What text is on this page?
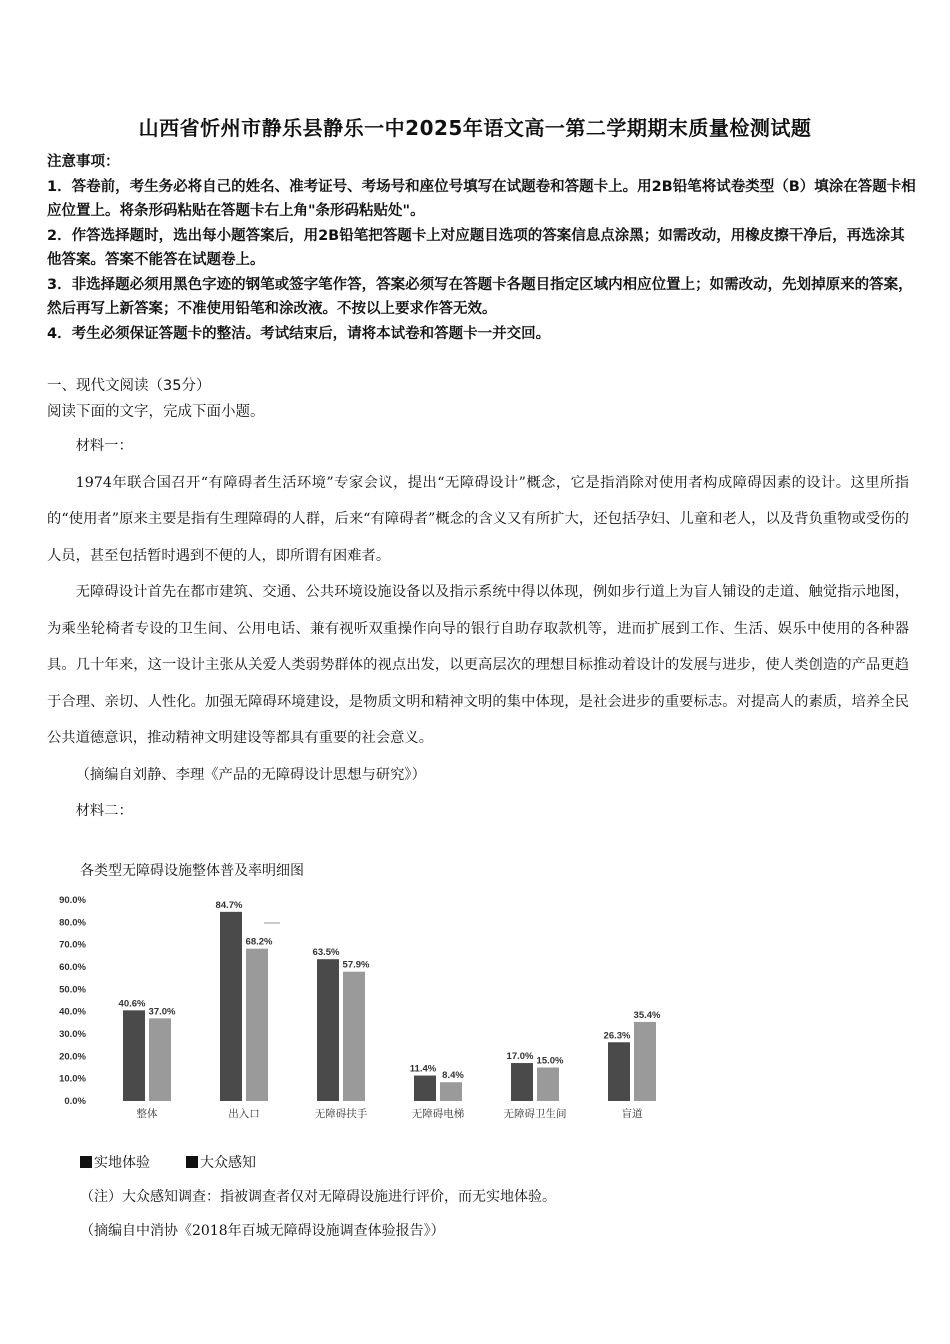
山西省忻州市静乐县静乐一中2025年语文高一第二学期期末质量检测试题

注意事项：

1．答卷前，考生务必将自己的姓名、准考证号、考场号和座位号填写在试题卷和答题卡上。用2B铅笔将试卷类型（B）填涂在答题卡相应位置上。将条形码粘贴在答题卡右上角"条形码粘贴处"。

2．作答选择题时，选出每小题答案后，用2B铅笔把答题卡上对应题目选项的答案信息点涂黑；如需改动，用橡皮擦干净后，再选涂其他答案。答案不能答在试题卷上。

3．非选择题必须用黑色字迹的钢笔或签字笔作答，答案必须写在答题卡各题目指定区域内相应位置上；如需改动，先划掉原来的答案，然后再写上新答案；不准使用铅笔和涂改液。不按以上要求作答无效。

4．考生必须保证答题卡的整洁。考试结束后，请将本试卷和答题卡一并交回。

一、现代文阅读（35分）
阅读下面的文字，完成下面小题。

材料一：

1974年联合国召开“有障碍者生活环境”专家会议，提出“无障碍设计”概念，它是指消除对使用者构成障碍因素的设计。这里所指的“使用者”原来主要是指有生理障碍的人群，后来“有障碍者”概念的含义又有所扩大，还包括孕妇、儿童和老人，以及背负重物或受伤的人员，甚至包括暂时遇到不便的人，即所谓有困难者。

无障碍设计首先在都市建筑、交通、公共环境设施设备以及指示系统中得以体现，例如步行道上为盲人铺设的走道、触觉指示地图，为乘坐轮椅者专设的卫生间、公用电话、兼有视听双重操作向导的银行自助存取款机等，进而扩展到工作、生活、娱乐中使用的各种器具。几十年来，这一设计主张从关爱人类弱势群体的视点出发，以更高层次的理想目标推动着设计的发展与进步，使人类创造的产品更趋于合理、亲切、人性化。加强无障碍环境建设，是物质文明和精神文明的集中体现，是社会进步的重要标志。对提高人的素质，培养全民公共道德意识，推动精神文明建设等都具有重要的社会意义。

（摘编自刘静、李理《产品的无障碍设计思想与研究》）

材料二：

各类型无障碍设施整体普及率明细图
0.0%
10.0%
20.0%
30.0%
40.0%
50.0%
60.0%
70.0%
80.0%
90.0%
40.6%
37.0%
整体
84.7%
68.2%
出入口
63.5%
57.9%
无障碍扶手
11.4%
8.4%
无障碍电梯
17.0% 15.0%
无障碍卫生间
26.3%
35.4%
盲道
实地体验	大众感知
（注）大众感知调查：指被调查者仅对无障碍设施进行评价，而无实地体验。
（摘编自中消协《2018年百城无障碍设施调查体验报告》）
